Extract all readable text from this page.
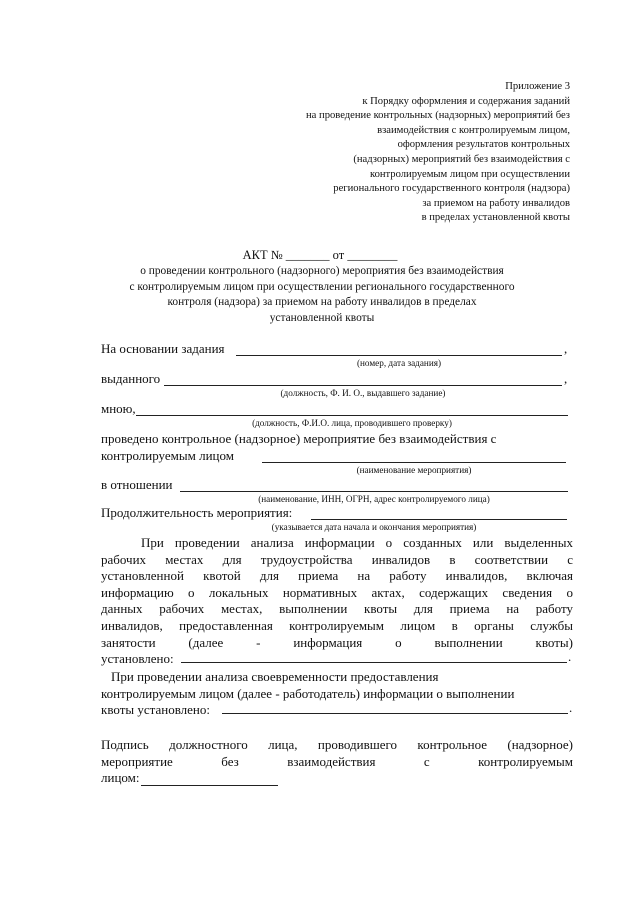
Приложение 3
к Порядку оформления и содержания заданий
на проведение контрольных (надзорных) мероприятий без
взаимодействия с контролируемым лицом,
оформления результатов контрольных
(надзорных) мероприятий без взаимодействия с
контролируемым лицом при осуществлении
регионального государственного контроля (надзора)
за приемом на работу инвалидов
в пределах установленной квоты
АКТ № _______ от ________
о проведении контрольного (надзорного) мероприятия без взаимодействия
с контролируемым лицом при осуществлении регионального государственного
контроля (надзора) за приемом на работу инвалидов в пределах
установленной квоты
На основании задания	,
(номер, дата задания)
выданного	,
(должность, Ф. И. О., выдавшего задание)
мною,
(должность, Ф.И.О. лица, проводившего проверку)
проведено контрольное (надзорное) мероприятие без взаимодействия с
контролируемым лицом
(наименование мероприятия)
в отношении
(наименование, ИНН, ОГРН, адрес контролируемого лица)
Продолжительность мероприятия:
(указывается дата начала и окончания мероприятия)
При проведении анализа информации о созданных или выделенных
рабочих местах для трудоустройства инвалидов в соответствии с
установленной квотой для приема на работу инвалидов, включая
информацию о локальных нормативных актах, содержащих сведения о
данных рабочих местах, выполнении квоты для приема на работу
инвалидов, предоставленная контролируемым лицом в органы службы
занятости (далее - информация о выполнении квоты)
установлено:	.
При проведении анализа своевременности предоставления
контролируемым лицом (далее - работодатель) информации о выполнении
квоты установлено:	.
Подпись должностного лица, проводившего контрольное (надзорное)
мероприятие без взаимодействия с контролируемым
лицом:
